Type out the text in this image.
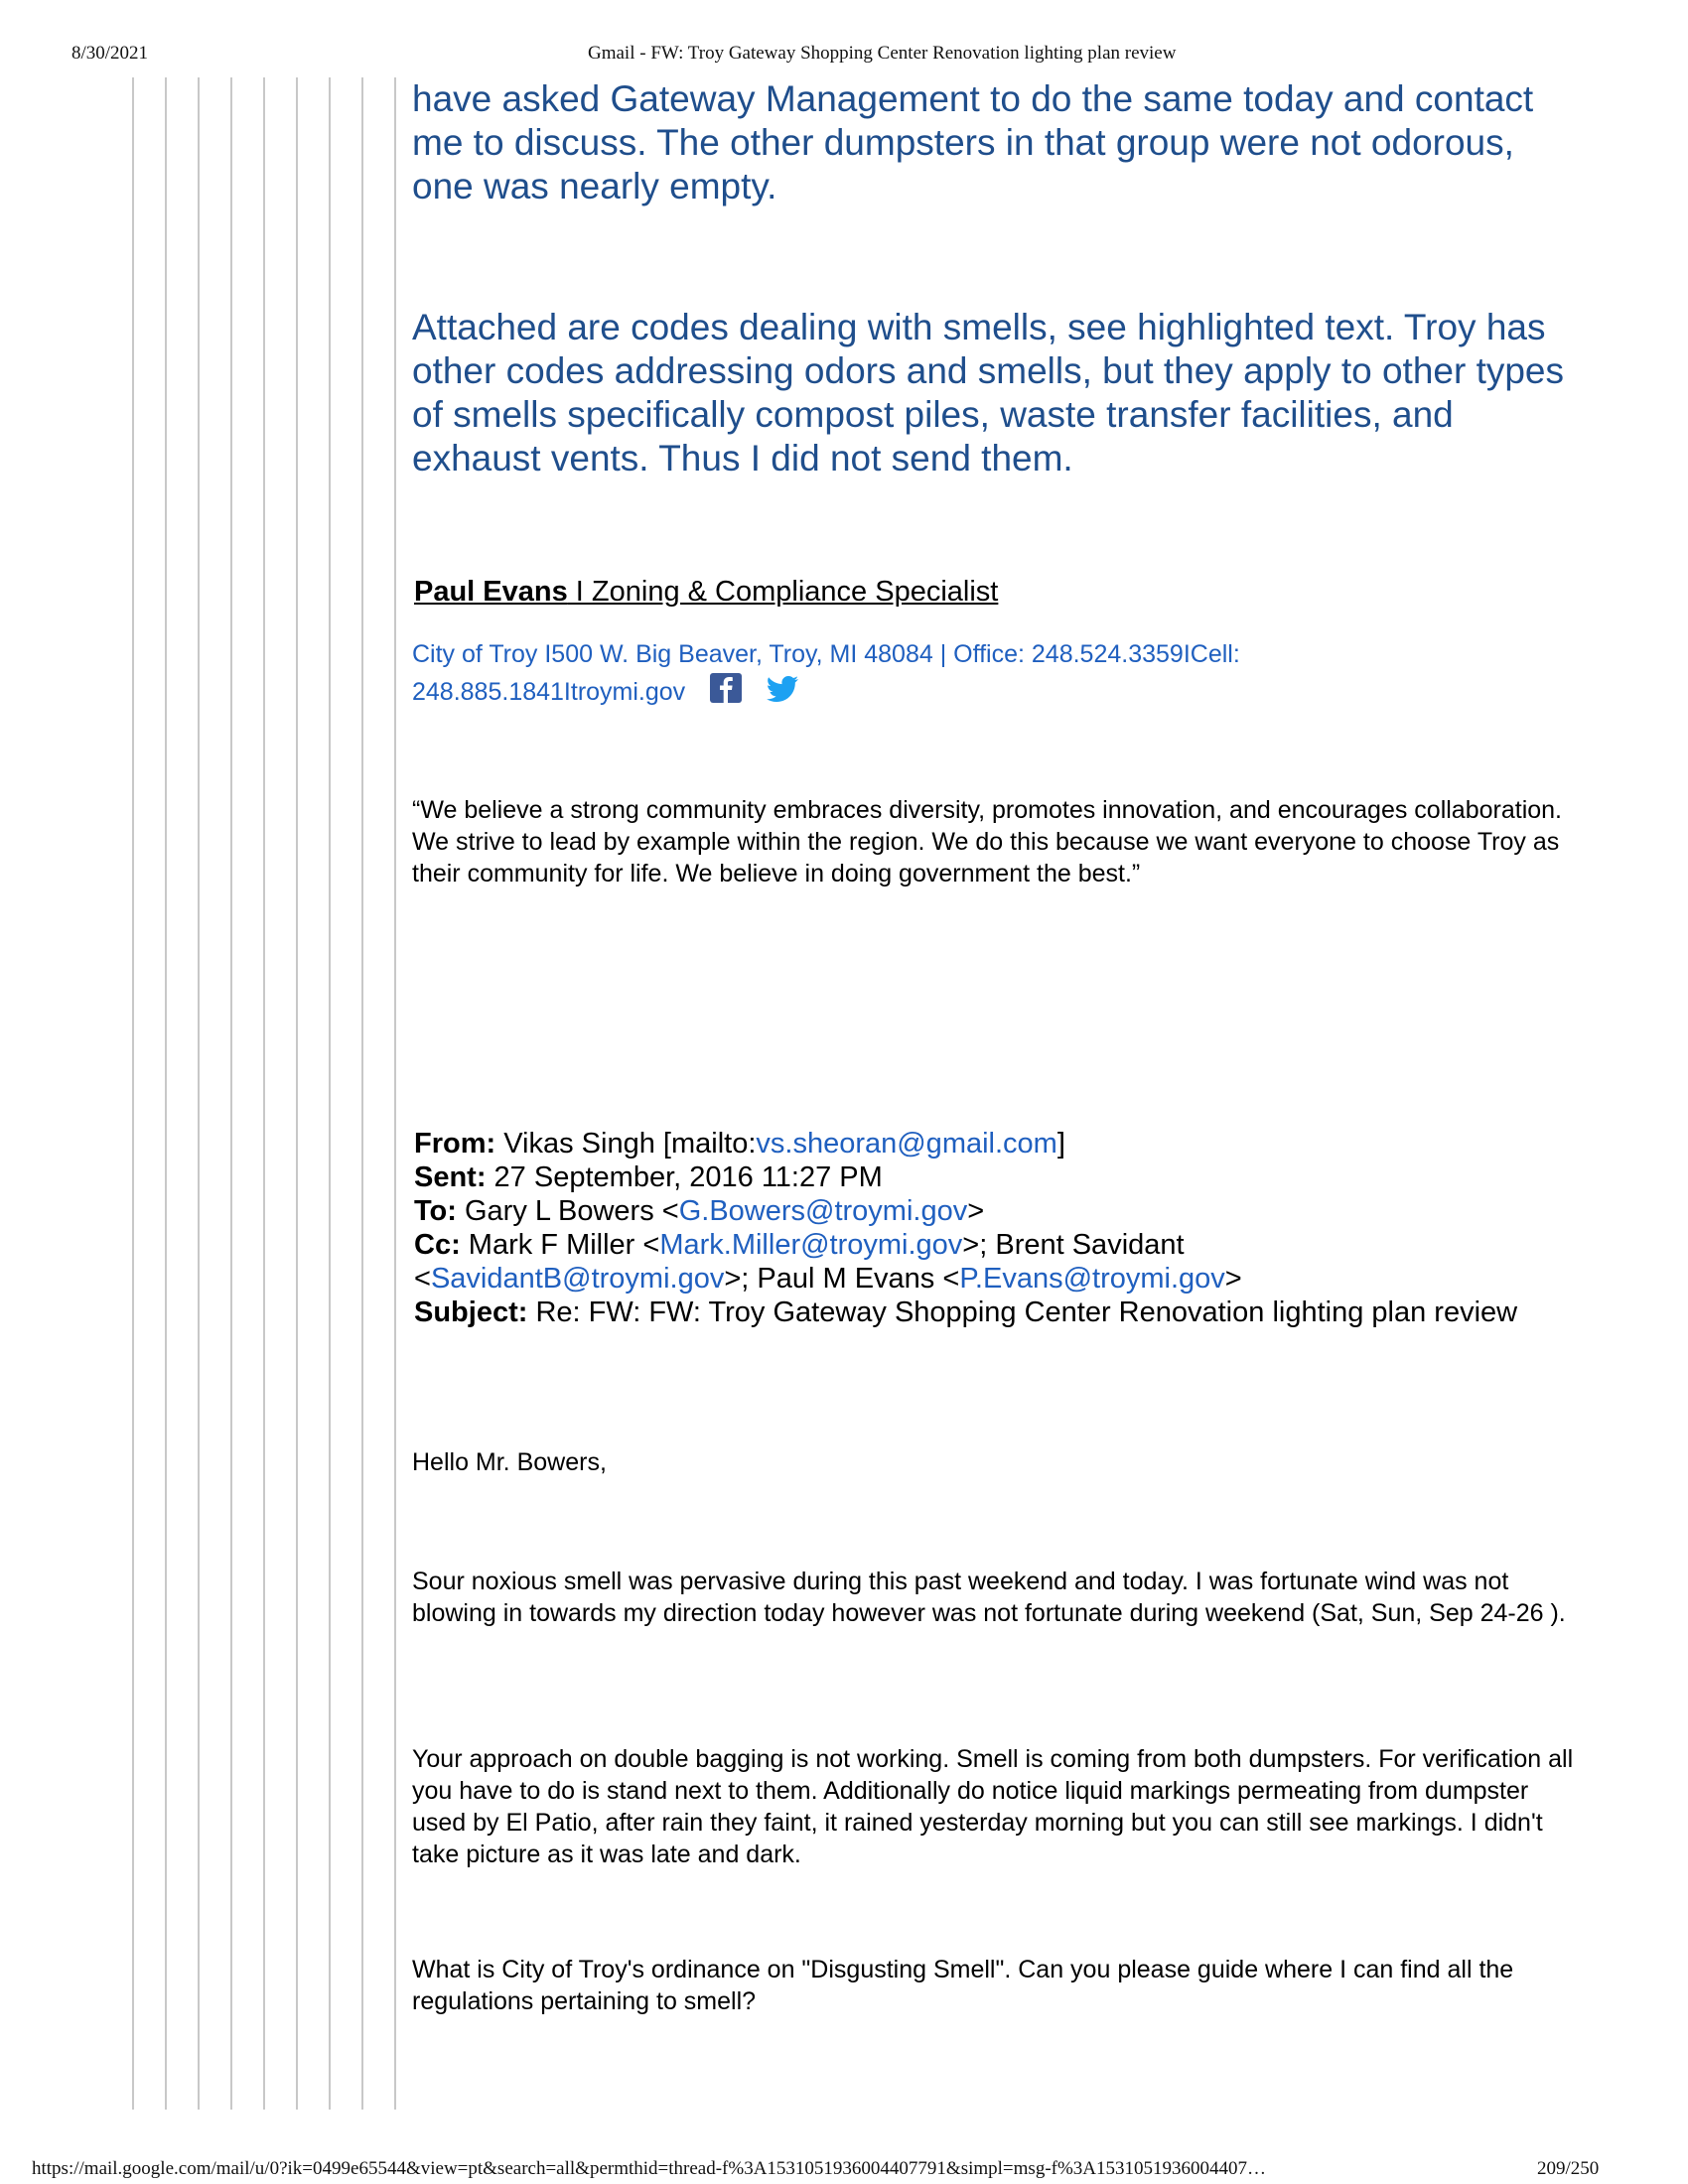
8/30/2021	Gmail - FW: Troy Gateway Shopping Center Renovation lighting plan review

have asked Gateway Management to do the same today and contact me to discuss. The other dumpsters in that group were not odorous, one was nearly empty.

Attached are codes dealing with smells, see highlighted text. Troy has other codes addressing odors and smells, but they apply to other types of smells specifically compost piles, waste transfer facilities, and exhaust vents. Thus I did not send them.

Paul Evans I Zoning & Compliance Specialist
City of Troy I500 W. Big Beaver, Troy, MI 48084 | Office: 248.524.3359ICell:
248.885.1841Itroymi.gov

“We believe a strong community embraces diversity, promotes innovation, and encourages collaboration. We strive to lead by example within the region. We do this because we want everyone to choose Troy as their community for life. We believe in doing government the best.”

From: Vikas Singh [mailto:vs.sheoran@gmail.com]
Sent: 27 September, 2016 11:27 PM
To: Gary L Bowers <G.Bowers@troymi.gov>
Cc: Mark F Miller <Mark.Miller@troymi.gov>; Brent Savidant
<SavidantB@troymi.gov>; Paul M Evans <P.Evans@troymi.gov>
Subject: Re: FW: FW: Troy Gateway Shopping Center Renovation lighting plan review

Hello Mr. Bowers,

Sour noxious smell was pervasive during this past weekend and today. I was fortunate wind was not blowing in towards my direction today however was not fortunate during weekend (Sat, Sun, Sep 24-26 ).

Your approach on double bagging is not working. Smell is coming from both dumpsters. For verification all you have to do is stand next to them. Additionally do notice liquid markings permeating from dumpster used by El Patio, after rain they faint, it rained yesterday morning but you can still see markings. I didn't take picture as it was late and dark.

What is City of Troy's ordinance on "Disgusting Smell". Can you please guide where I can find all the regulations pertaining to smell?

https://mail.google.com/mail/u/0?ik=0499e65544&view=pt&search=all&permthid=thread-f%3A1531051936004407791&simpl=msg-f%3A1531051936004407…	209/250
